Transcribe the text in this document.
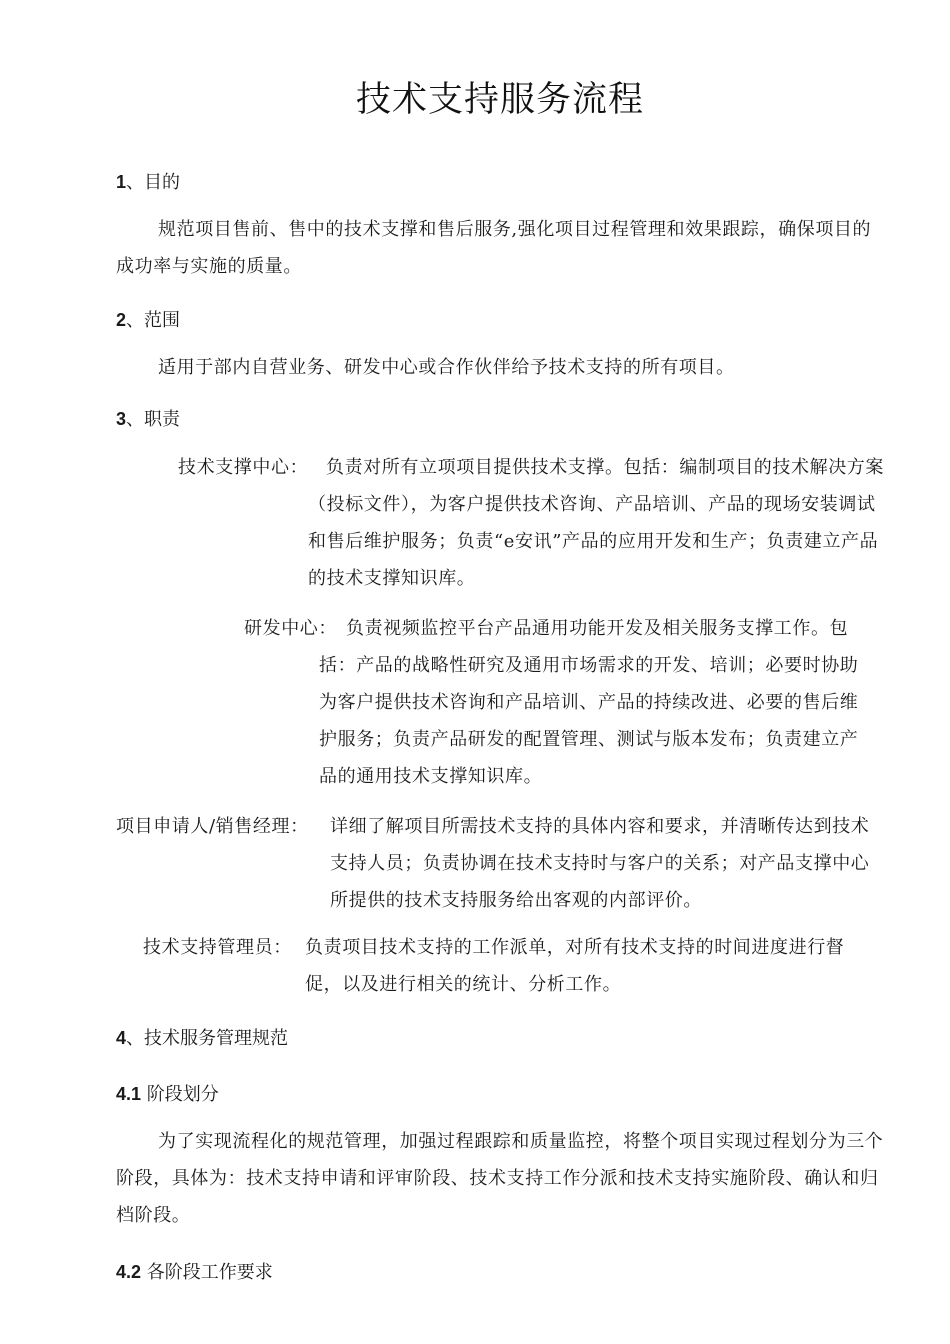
技术支持服务流程
1、目的
规范项目售前、售中的技术支撑和售后服务,强化项目过程管理和效果跟踪，确保项目的成功率与实施的质量。
2、范围
适用于部内自营业务、研发中心或合作伙伴给予技术支持的所有项目。
3、职责
技术支撑中心： 负责对所有立项项目提供技术支撑。包括：编制项目的技术解决方案（投标文件），为客户提供技术咨询、产品培训、产品的现场安装调试和售后维护服务；负责“e安讯”产品的应用开发和生产；负责建立产品的技术支撑知识库。
研发中心： 负责视频监控平台产品通用功能开发及相关服务支撑工作。包括：产品的战略性研究及通用市场需求的开发、培训；必要时协助为客户提供技术咨询和产品培训、产品的持续改进、必要的售后维护服务；负责产品研发的配置管理、测试与版本发布；负责建立产品的通用技术支撑知识库。
项目申请人/销售经理： 详细了解项目所需技术支持的具体内容和要求，并清晰传达到技术支持人员；负责协调在技术支持时与客户的关系；对产品支撑中心所提供的技术支持服务给出客观的内部评价。
技术支持管理员： 负责项目技术支持的工作派单，对所有技术支持的时间进度进行督促，以及进行相关的统计、分析工作。
4、技术服务管理规范
4.1 阶段划分
为了实现流程化的规范管理，加强过程跟踪和质量监控，将整个项目实现过程划分为三个阶段，具体为：技术支持申请和评审阶段、技术支持工作分派和技术支持实施阶段、确认和归档阶段。
4.2 各阶段工作要求
